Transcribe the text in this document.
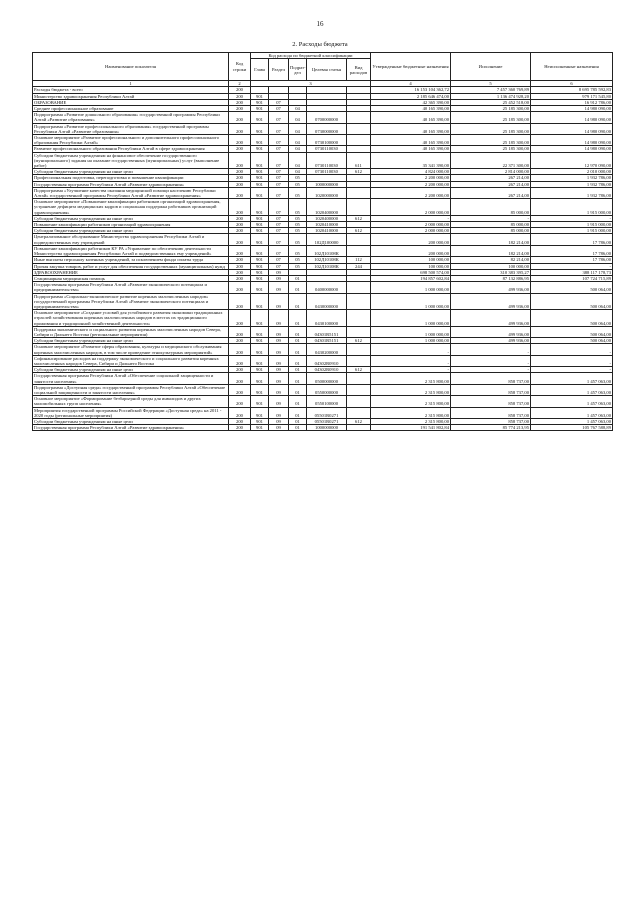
16
2. Расходы бюджета
Наименование показателя	Код строки	Код расхода по бюджетной классификации					Утвержденные бюджетные назначения	Исполнение	Неисполненные назначения
		Глава	Раздел	Подраз-дел	Целевая статья	Вид расходов			
1	2	3					4	5	6
Расходы бюджета - всего	200						16 153 104 362,72	7 457 360 769,89	8 695 785 592,83
Министерство здравоохранения Республики Алтай	200	901					2 185 646 474,00	1 136 474 928,20	979 171 545,80
ОБРАЗОВАНИЕ	200	901	07				42 365 390,00	25 452 518,00	16 912 786,00
Среднее профессиональное образование	200	901	07	04			40 165 390,00	25 185 300,00	14 980 090,00
Подпрограмма «Развитие дошкольного образования» государственной программы Республики Алтай «Развитие образования»	200	901	07	04	0700000000		40 165 390,00	25 185 300,00	14 980 090,00
Подпрограмма «Развитие профессионального образования» государственной программы Республики Алтай «Развитие образования»	200	901	07	04	0730000000		40 165 390,00	25 185 300,00	14 980 090,00
Основное мероприятие «Развитие профессионального и дополнительного профессионального образования Республики Алтай»	200	901	07	04	0730100000		40 165 390,00	25 185 300,00	14 980 090,00
Развитие профессионального образования Республики Алтай в сфере здравоохранения	200	901	07	04	0730110030		40 165 390,00	25 185 300,00	14 980 090,00
Субсидии бюджетным учреждениям на финансовое обеспечение государственного (муниципального) задания на оказание государственных (муниципальных) услуг (выполнение работ)	200	901	07	04	0730110030	611	35 341 390,00	22 371 300,00	12 970 090,00
Субсидии бюджетным учреждениям на иные цели	200	901	07	04	0730110030	612	4 824 000,00	2 814 000,00	2 010 000,00
Профессиональная подготовка, переподготовка и повышение квалификации	200	901	07	05			2 200 000,00	267 214,00	1 932 786,00
Государственная программа Республики Алтай «Развитие здравоохранения»	200	901	07	05	1000000000		2 200 000,00	267 214,00	1 932 786,00
Подпрограмма «Улучшение качества оказания медицинской помощи населению Республики Алтай» государственной программы Республики Алтай «Развитие здравоохранения»	200	901	07	05	1020000000		2 200 000,00	267 214,00	1 932 786,00
Основное мероприятие «Повышение квалификации работников организаций здравоохранения, устранение дефицита медицинских кадров и социальная поддержка работников организаций здравоохранения»	200	901	07	05	1020400000		2 000 000,00	85 000,00	1 915 000,00
Субсидии бюджетным учреждениям на иные цели	200	901	07	05	1020400000	612	-	-	-
Повышение квалификации работников организаций здравоохранения	200	901	07	05	1020410000		2 000 000,00	85 000,00	1 915 000,00
Субсидии бюджетным учреждениям на иные цели	200	901	07	05	1020410000	612	2 000 000,00	85 000,00	1 915 000,00
Централизованное обслуживание Министерства здравоохранения Республики Алтай и подведомственных ему учреждений	200	901	07	05	102Д100000		200 000,00	182 214,00	17 786,00
Повышение квалификации работников КУ РА «Управление по обеспечению деятельности Министерства здравоохранения Республики Алтай и подведомственных ему учреждений»	200	901	07	05	102Д10108К		200 000,00	182 214,00	17 786,00
Иные выплаты персоналу казенных учреждений, за исключением фонда оплаты труда	200	901	07	05	102Д10108К	112	100 000,00	82 214,00	17 786,00
Прочая закупка товаров, работ и услуг для обеспечения государственных (муниципальных) нужд	200	901	07	05	102Д10108К	244	100 000,00	100 000,00	-
ЗДРАВООХРАНЕНИЕ	200	901	09				698 500 574,00	310 383 395,27	388 117 178,73
Стационарная медицинская помощь	200	901	09	01			194 857 602,84	87 132 886,95	107 724 715,89
Государственная программа Республики Алтай «Развитие экономического потенциала и предпринимательства»	200	901	09	01	0400000000		1 000 000,00	499 936,00	500 064,00
Подпрограмма «Социально-экономическое развитие коренных малочисленных народов» государственной программы Республики Алтай «Развитие экономического потенциала и предпринимательства»	200	901	09	01	0430000000		1 000 000,00	499 936,00	500 064,00
Основное мероприятие «Создание условий для устойчивого развития экономики традиционных отраслей хозяйствования коренных малочисленных народов в местах их традиционного проживания и традиционной хозяйственной деятельности»	200	901	09	01	0430100000		1 000 000,00	499 936,00	500 064,00
Поддержка экономического и социального развития коренных малочисленных народов Севера, Сибири и Дальнего Востока (региональные мероприятия)	200	901	09	01	04301R5151		1 000 000,00	499 936,00	500 064,00
Субсидии бюджетным учреждениям на иные цели	200	901	09	01	04301R5151	612	1 000 000,00	499 936,00	500 064,00
Основное мероприятие «Развитие сферы образования, культуры и медицинского обслуживания коренных малочисленных народов, в том числе проведение этнокультурных мероприятий»	200	901	09	01	0430200000		-	-	-
Софинансирование расходов на поддержку экономического и социального развития коренных малочисленных народов Севера, Сибири и Дальнего Востока	200	901	09	01	04302R0910		-	-	-
Субсидии бюджетным учреждениям на иные цели	200	901	09	01	04302R0910	612	-	-	-
Государственная программа Республики Алтай «Обеспечение социальной защищенности и занятости населения»	200	901	09	01	0500000000		2 315 800,00	858 737,00	1 457 063,00
Подпрограмма «Доступная среда» государственной программы Республики Алтай «Обеспечение социальной защищенности и занятости населения»	200	901	09	01	0550000000		2 315 800,00	858 737,00	1 457 063,00
Основное мероприятие «Формирование безбарьерной среды для инвалидов и других маломобильных групп населения»	200	901	09	01	0550100000		2 315 800,00	858 737,00	1 457 063,00
Мероприятия государственной программы Российской Федерации «Доступная среда» на 2011 - 2020 годы (региональные мероприятия)	200	901	09	01	05501R0271		2 315 800,00	858 737,00	1 457 063,00
Субсидии бюджетным учреждениям на иные цели	200	901	09	01	05501R0271	612	2 315 800,00	858 737,00	1 457 063,00
Государственная программа Республики Алтай «Развитие здравоохранения»	200	901	09	01	1000000000		191 541 802,84	85 774 213,95	105 767 588,89
